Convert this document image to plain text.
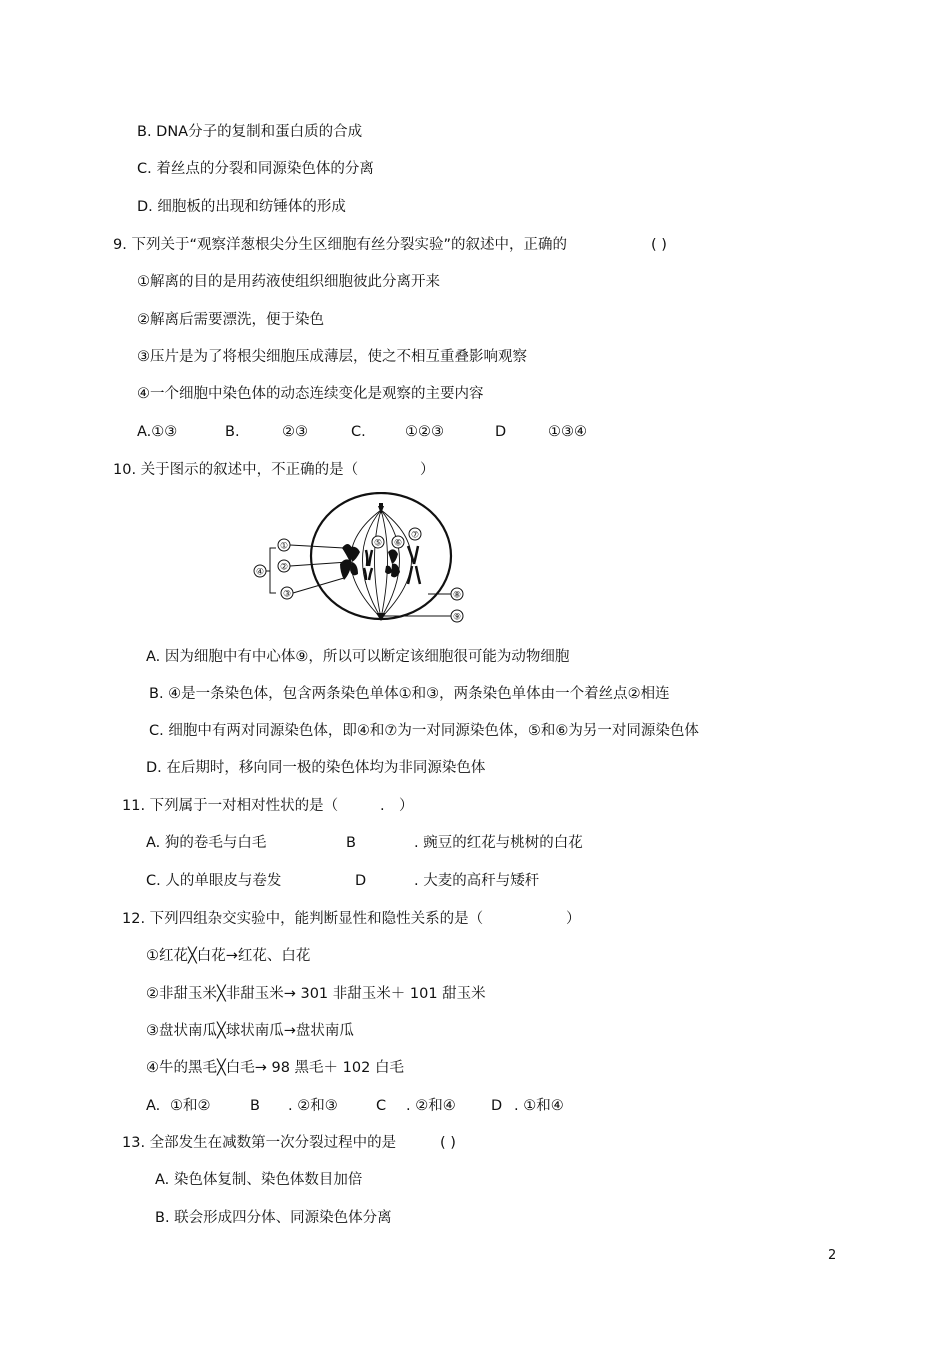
B. DNA分子的复制和蛋白质的合成
C. 着丝点的分裂和同源染色体的分离
D. 细胞板的出现和纺锤体的形成
9. 下列关于“观察洋葱根尖分生区细胞有丝分裂实验”的叙述中，正确的	( )
①解离的目的是用药液使组织细胞彼此分离开来
②解离后需要漂洗，便于染色
③压片是为了将根尖细胞压成薄层，使之不相互重叠影响观察
④一个细胞中染色体的动态连续变化是观察的主要内容
A.①③	B.	②③	C.	①②③	D	①③④
10. 关于图示的叙述中，不正确的是（	）
①
②
③
④
⑤ ⑥
⑦
⑧
⑨
A. 因为细胞中有中心体⑨，所以可以断定该细胞很可能为动物细胞
B. ④是一条染色体，包含两条染色单体①和③，两条染色单体由一个着丝点②相连
C. 细胞中有两对同源染色体，即④和⑦为一对同源染色体，⑤和⑥为另一对同源染色体
D. 在后期时，移向同一极的染色体均为非同源染色体
11. 下列属于一对相对性状的是（	. ）
A. 狗的卷毛与白毛	B	. 豌豆的红花与桃树的白花
C. 人的单眼皮与卷发	D	. 大麦的高秆与矮秆
12. 下列四组杂交实验中，能判断显性和隐性关系的是（	）
①红花╳白花→红花、白花
②非甜玉米╳非甜玉米→ 301 非甜玉米＋ 101 甜玉米
③盘状南瓜╳球状南瓜→盘状南瓜
④牛的黑毛╳白毛→ 98 黑毛＋ 102 白毛
A. ①和②	B . ②和③	C . ②和④ D . ①和④
13. 全部发生在减数第一次分裂过程中的是	( )
A. 染色体复制、染色体数目加倍
B. 联会形成四分体、同源染色体分离
2
